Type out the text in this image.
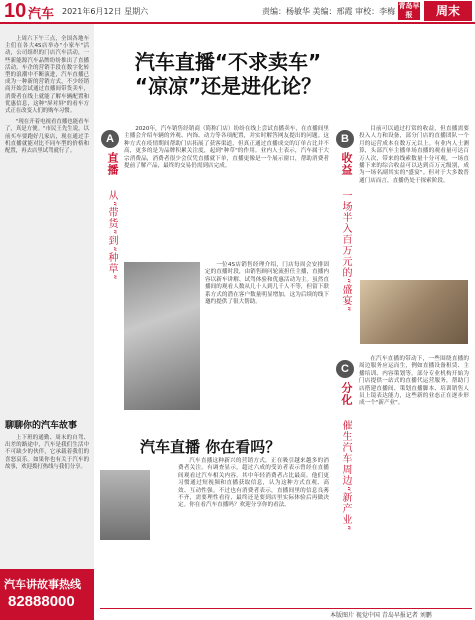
10 汽车 2021年6月12日 星期六	责编：杨敏华 美编：邢霞 审校：李梅
青岛早报	周末

上周六下午三点，全国各地车主们在各大4S店举办"小家车"活动，公司组织的门店汽车活动，一些新能源汽车品牌纷纷推出了直播活动。车企的营销手段在数字化转型的浪潮中不断演进，汽车直播已成为一种新的营销方式，不少经销商开始尝试通过直播间带货卖车，消费者在线上就能了解车辆配置和优惠信息，这种"屏对屏"的看车方式正在改变人们的购车习惯。

"现在开着电视看直播也能看车了，真是方便。"市民王先生说，以前买车要跑好几家店，现在通过手机直播就能对比不同车型的价格和配置，再去店里试驾就行了。

聊聊你的汽车故事

上下班的通勤、周末的自驾、出差的路途中，汽车是我们生活中不可缺少的伙伴，它承载着我们的喜怒哀乐。如果你也有关于汽车的故事，欢迎拨打热线与我们分享。

汽车讲故事热线
82888000
汽车直播“不求卖车”
“凉凉”还是进化论？
A
直播
从“带货”到“种草”

2020年，汽车销售经销商（简称门店）纷纷在线上尝试直播卖车，在直播间里主播会介绍车辆的外观、内饰、动力等各项配置，并实时解答网友提出的问题。这种方式在疫情期间帮助门店拓展了获客渠道，但真正通过直播成交的订单占比并不高，更多的是为品牌积累关注度，起到"种草"的作用。业内人士表示，汽车属于大宗消费品，消费者很少会仅凭直播就下单，直播更像是一个展示窗口，帮助消费者提前了解产品，最终的交易仍需到店完成。

一位4S店销售经理介绍，门店每周会安排固定的直播时段，由销售顾问轮流担任主播，直播内容以新车讲解、试驾体验和优惠活动为主。虽然直播间的观看人数从几十人到几千人不等，但留下联系方式的潜在客户数量明显增加，这为后续的线下邀约提供了很大帮助。

B
收益
一场半入百万元的“盛宴”

目前可以通过打赏的收益，但直播需要投入人力和设备，部分门店的直播团队一个月的运营成本在数万元以上。有业内人士测算，头部汽车主播单场直播的观看量可达百万人次，带来的线索数量十分可观，一场直播下来的综合收益可以达到百万元级别，成为一场名副其实的"盛宴"。但对于大多数普通门店而言，直播仍处于探索阶段。

C
分化
催生汽车周边“新产业”

在汽车直播的带动下，一些围绕直播的周边服务应运而生，例如直播设备租赁、主播培训、内容策划等。部分专业机构开始为门店提供一站式的直播代运营服务，帮助门店搭建直播间、策划直播脚本、培训销售人员上镜表达能力，这些新的业态正在逐步形成一个"新产业"。

汽车直播 你在看吗？

汽车直播这种新兴的营销方式，正在吸引越来越多的消费者关注。有调查显示，超过六成的受访者表示曾经在直播间观看过汽车相关内容，其中年轻消费者占比最高。他们更习惯通过短视频和直播获取信息，认为这种方式直观、高效、互动性强。不过也有消费者表示，直播间里的信息良莠不齐，需要理性看待，最终还是要到店里实际体验后再做决定。你在看汽车直播吗？欢迎分享你的看法。

本版图片 视觉中国 青岛早报记者 刘鹏
